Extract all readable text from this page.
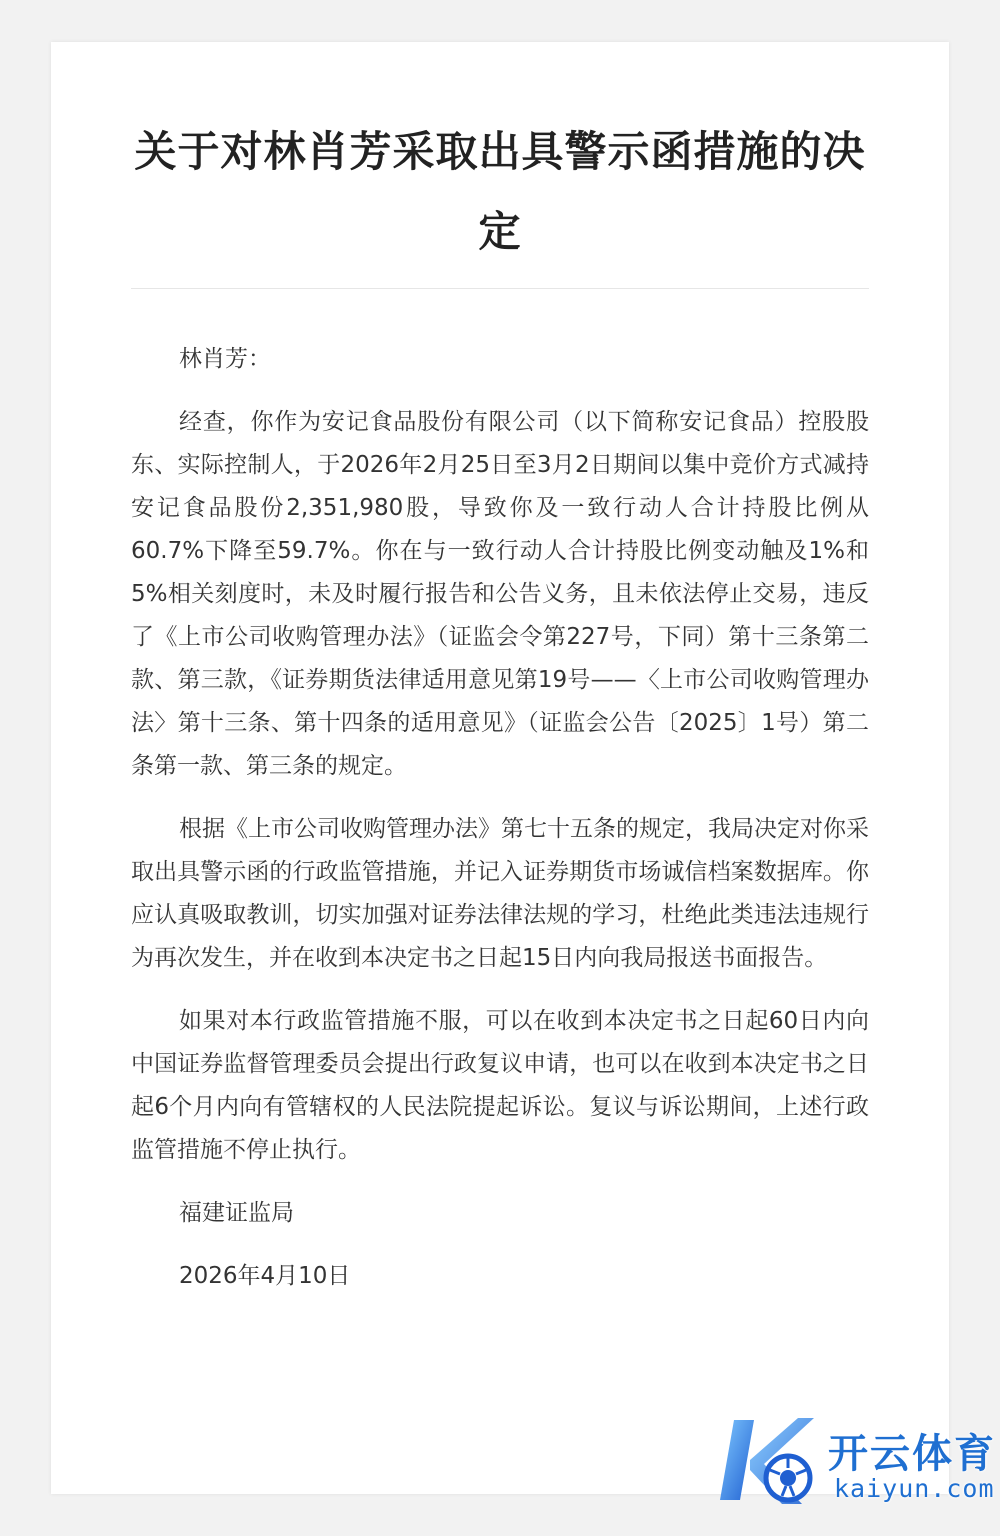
关于对林肖芳采取出具警示函措施的决定

林肖芳：

经查，你作为安记食品股份有限公司（以下简称安记食品）控股股东、实际控制人，于2026年2月25日至3月2日期间以集中竞价方式减持安记食品股份2,351,980股，导致你及一致行动人合计持股比例从60.7%下降至59.7%。你在与一致行动人合计持股比例变动触及1%和5%相关刻度时，未及时履行报告和公告义务，且未依法停止交易，违反了《上市公司收购管理办法》（证监会令第227号，下同）第十三条第二款、第三款，《证券期货法律适用意见第19号——〈上市公司收购管理办法〉第十三条、第十四条的适用意见》（证监会公告〔2025〕1号）第二条第一款、第三条的规定。

根据《上市公司收购管理办法》第七十五条的规定，我局决定对你采取出具警示函的行政监管措施，并记入证券期货市场诚信档案数据库。你应认真吸取教训，切实加强对证券法律法规的学习，杜绝此类违法违规行为再次发生，并在收到本决定书之日起15日内向我局报送书面报告。

如果对本行政监管措施不服，可以在收到本决定书之日起60日内向中国证券监督管理委员会提出行政复议申请，也可以在收到本决定书之日起6个月内向有管辖权的人民法院提起诉讼。复议与诉讼期间，上述行政监管措施不停止执行。

福建证监局

2026年4月10日

开云体育
kaiyun.com
